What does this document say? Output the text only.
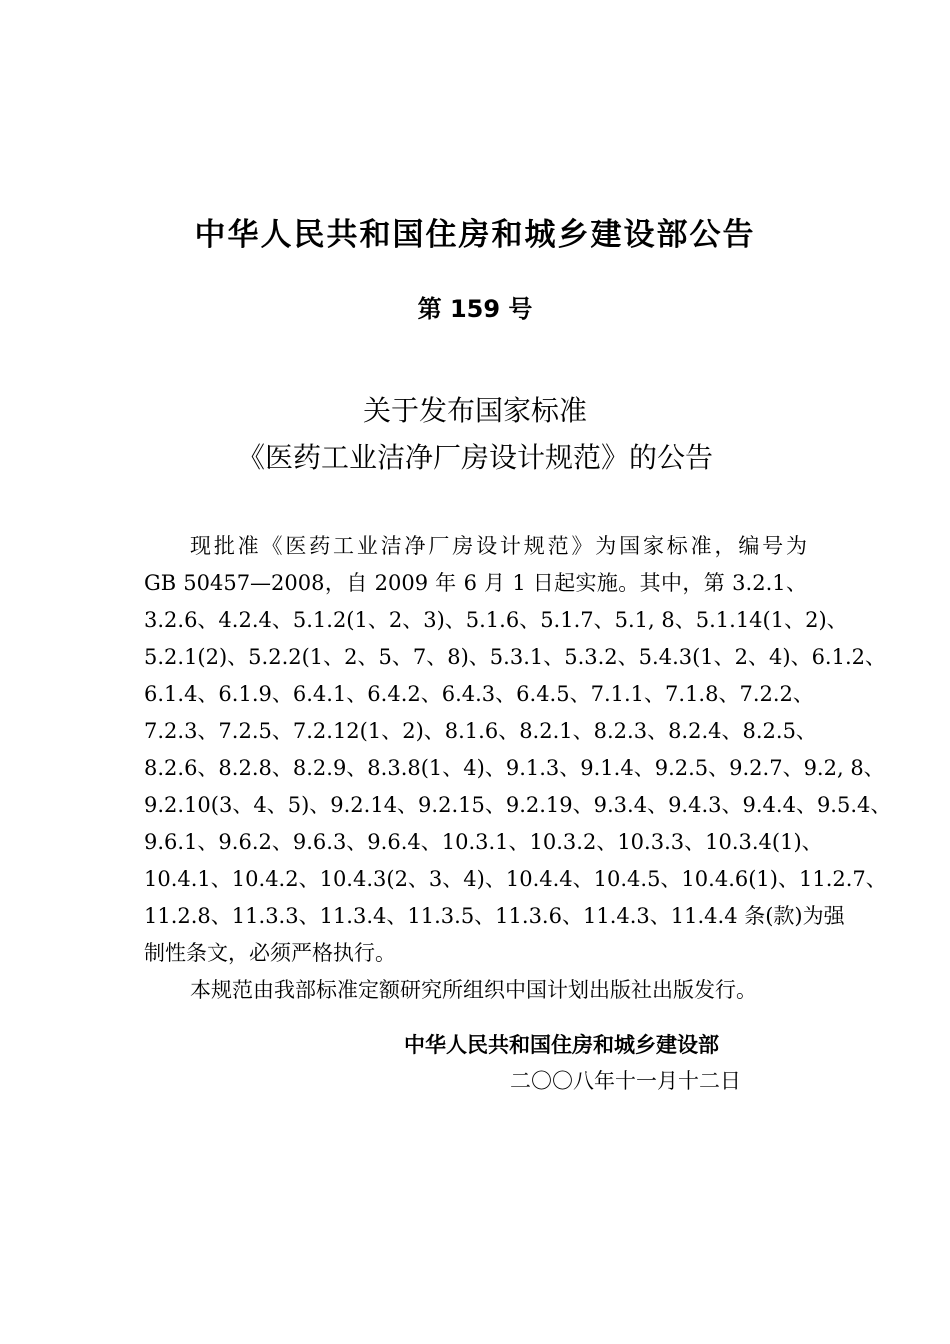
中华人民共和国住房和城乡建设部公告
第 159 号
关于发布国家标准
《医药工业洁净厂房设计规范》的公告

现批准《医药工业洁净厂房设计规范》为国家标准，编号为

GB 50457—2008，自 2009 年 6 月 1 日起实施。其中，第 3.2.1、

3.2.6、4.2.4、5.1.2(1、2、3)、5.1.6、5.1.7、5.1, 8、5.1.14(1、2)、

5.2.1(2)、5.2.2(1、2、5、7、8)、5.3.1、5.3.2、5.4.3(1、2、4)、6.1.2、

6.1.4、6.1.9、6.4.1、6.4.2、6.4.3、6.4.5、7.1.1、7.1.8、7.2.2、

7.2.3、7.2.5、7.2.12(1、2)、8.1.6、8.2.1、8.2.3、8.2.4、8.2.5、

8.2.6、8.2.8、8.2.9、8.3.8(1、4)、9.1.3、9.1.4、9.2.5、9.2.7、9.2, 8、

9.2.10(3、4、5)、9.2.14、9.2.15、9.2.19、9.3.4、9.4.3、9.4.4、9.5.4、

9.6.1、9.6.2、9.6.3、9.6.4、10.3.1、10.3.2、10.3.3、10.3.4(1)、

10.4.1、10.4.2、10.4.3(2、3、4)、10.4.4、10.4.5、10.4.6(1)、11.2.7、

11.2.8、11.3.3、11.3.4、11.3.5、11.3.6、11.4.3、11.4.4 条(款)为强

制性条文，必须严格执行。

本规范由我部标准定额研究所组织中国计划出版社出版发行。

中华人民共和国住房和城乡建设部
二〇〇八年十一月十二日
